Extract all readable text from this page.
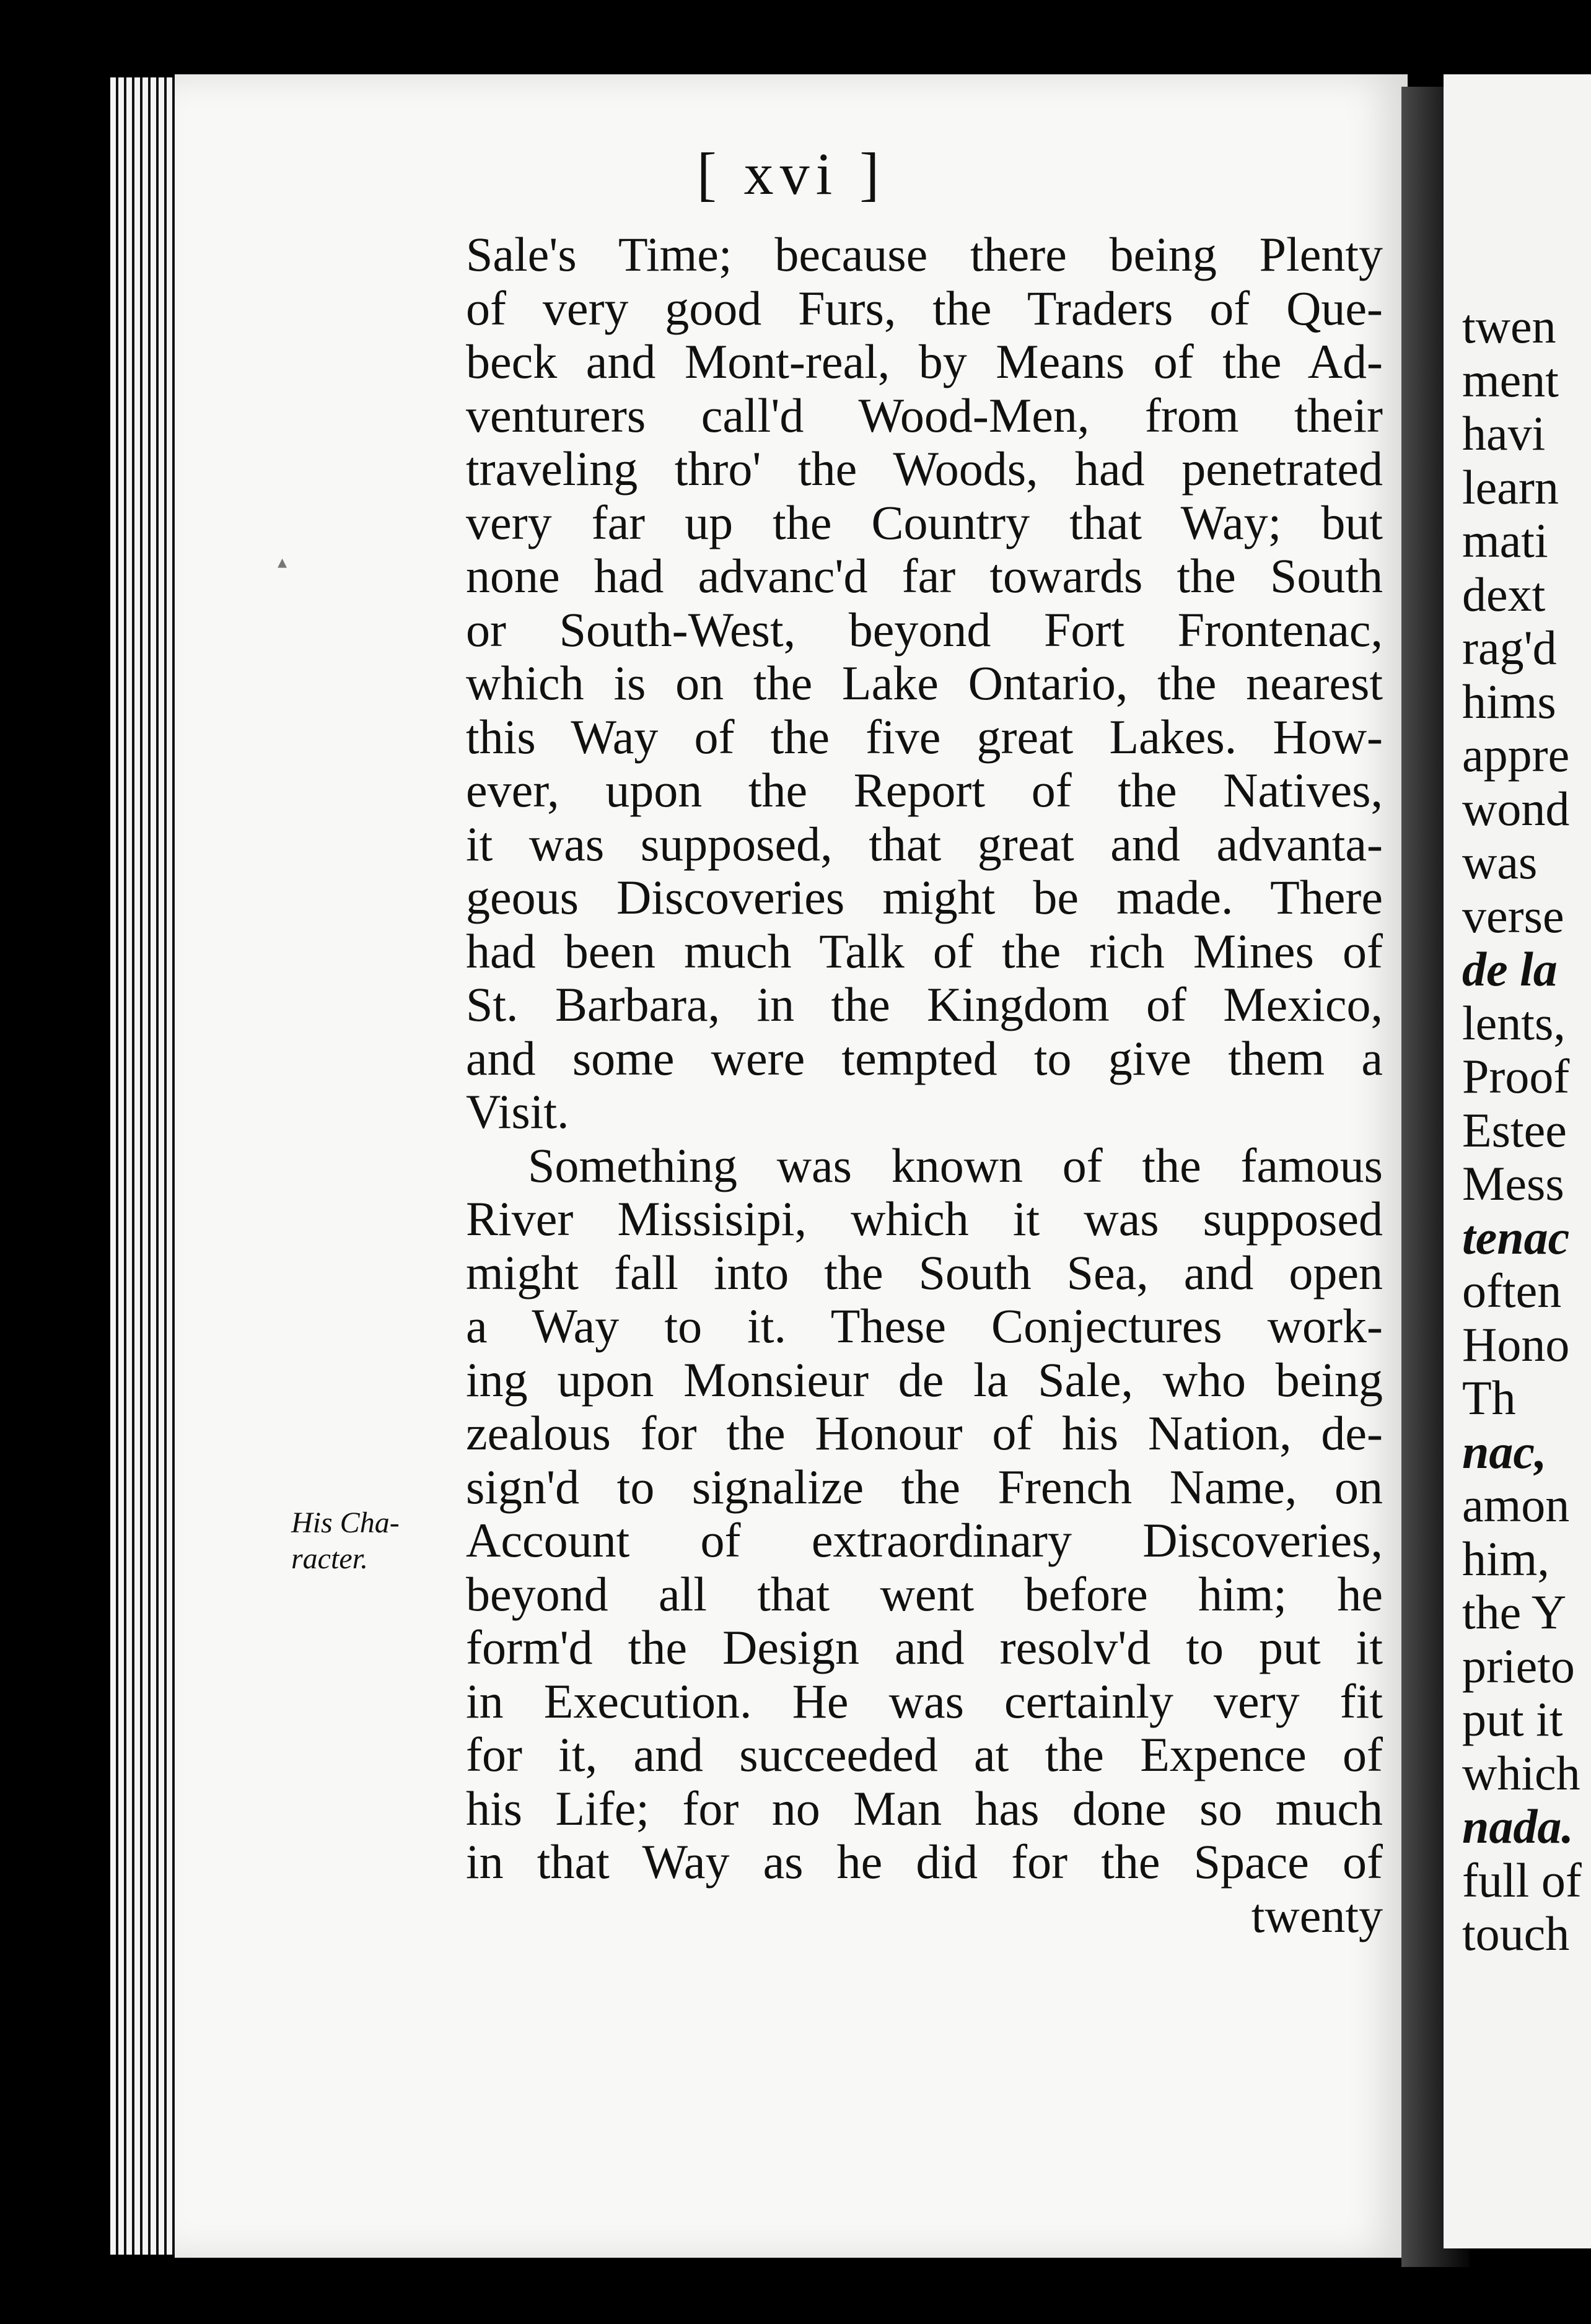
twen
ment
havi
learn
mati
dext
rag'd
hims
appre
wond
was
verse
de la
lents,
Proof
Estee
Mess
tenac
often
Hono
Th
nac,
amon
him,
the Y
prieto
put it
which
nada.
full of
touch
[ xvi ]
▴

Sale's Time; because there being Plenty
of very good Furs, the Traders of Que-
beck and Mont-real, by Means of the Ad-
venturers call'd Wood-Men, from their
traveling thro' the Woods, had penetrated
very far up the Country that Way; but
none had advanc'd far towards the South
or South-West, beyond Fort Frontenac,
which is on the Lake Ontario, the nearest
this Way of the five great Lakes. How-
ever, upon the Report of the Natives,
it was supposed, that great and advanta-
geous Discoveries might be made. There
had been much Talk of the rich Mines of
St. Barbara, in the Kingdom of Mexico,
and some were tempted to give them a
Visit.
Something was known of the famous
River Missisipi, which it was supposed
might fall into the South Sea, and open
a Way to it. These Conjectures work-
ing upon Monsieur de la Sale, who being
zealous for the Honour of his Nation, de-
sign'd to signalize the French Name, on
Account of extraordinary Discoveries,
beyond all that went before him; he
form'd the Design and resolv'd to put it
in Execution. He was certainly very fit
for it, and succeeded at the Expence of
his Life; for no Man has done so much
in that Way as he did for the Space of
twenty
His Cha-
racter.
